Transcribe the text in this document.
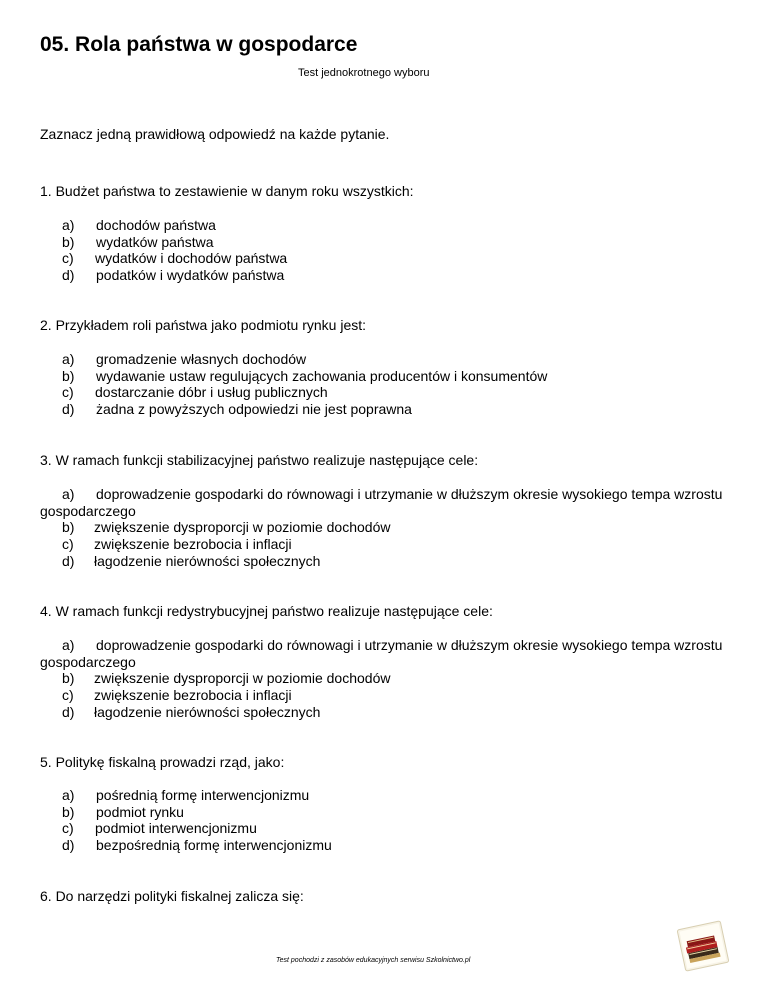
05. Rola państwa w gospodarce
Test jednokrotnego wyboru
Zaznacz jedną prawidłową odpowiedź na każde pytanie.
1. Budżet państwa to zestawienie w danym roku wszystkich:
a) dochodów państwa
b) wydatków państwa
c) wydatków i dochodów państwa
d) podatków i wydatków państwa
2. Przykładem roli państwa jako podmiotu rynku jest:
a) gromadzenie własnych dochodów
b) wydawanie ustaw regulujących zachowania producentów i konsumentów
c) dostarczanie dóbr i usług publicznych
d) żadna z powyższych odpowiedzi nie jest poprawna
3. W ramach funkcji stabilizacyjnej państwo realizuje następujące cele:
a) doprowadzenie gospodarki do równowagi i utrzymanie w dłuższym okresie wysokiego tempa wzrostu gospodarczego
b) zwiększenie dysproporcji w poziomie dochodów
c) zwiększenie bezrobocia i inflacji
d) łagodzenie nierówności społecznych
4. W ramach funkcji redystrybucyjnej państwo realizuje następujące cele:
a) doprowadzenie gospodarki do równowagi i utrzymanie w dłuższym okresie wysokiego tempa wzrostu gospodarczego
b) zwiększenie dysproporcji w poziomie dochodów
c) zwiększenie bezrobocia i inflacji
d) łagodzenie nierówności społecznych
5. Politykę fiskalną prowadzi rząd, jako:
a) pośrednią formę interwencjonizmu
b) podmiot rynku
c) podmiot interwencjonizmu
d) bezpośrednią formę interwencjonizmu
6. Do narzędzi polityki fiskalnej zalicza się:
Test pochodzi z zasobów edukacyjnych serwisu Szkolnictwo.pl
